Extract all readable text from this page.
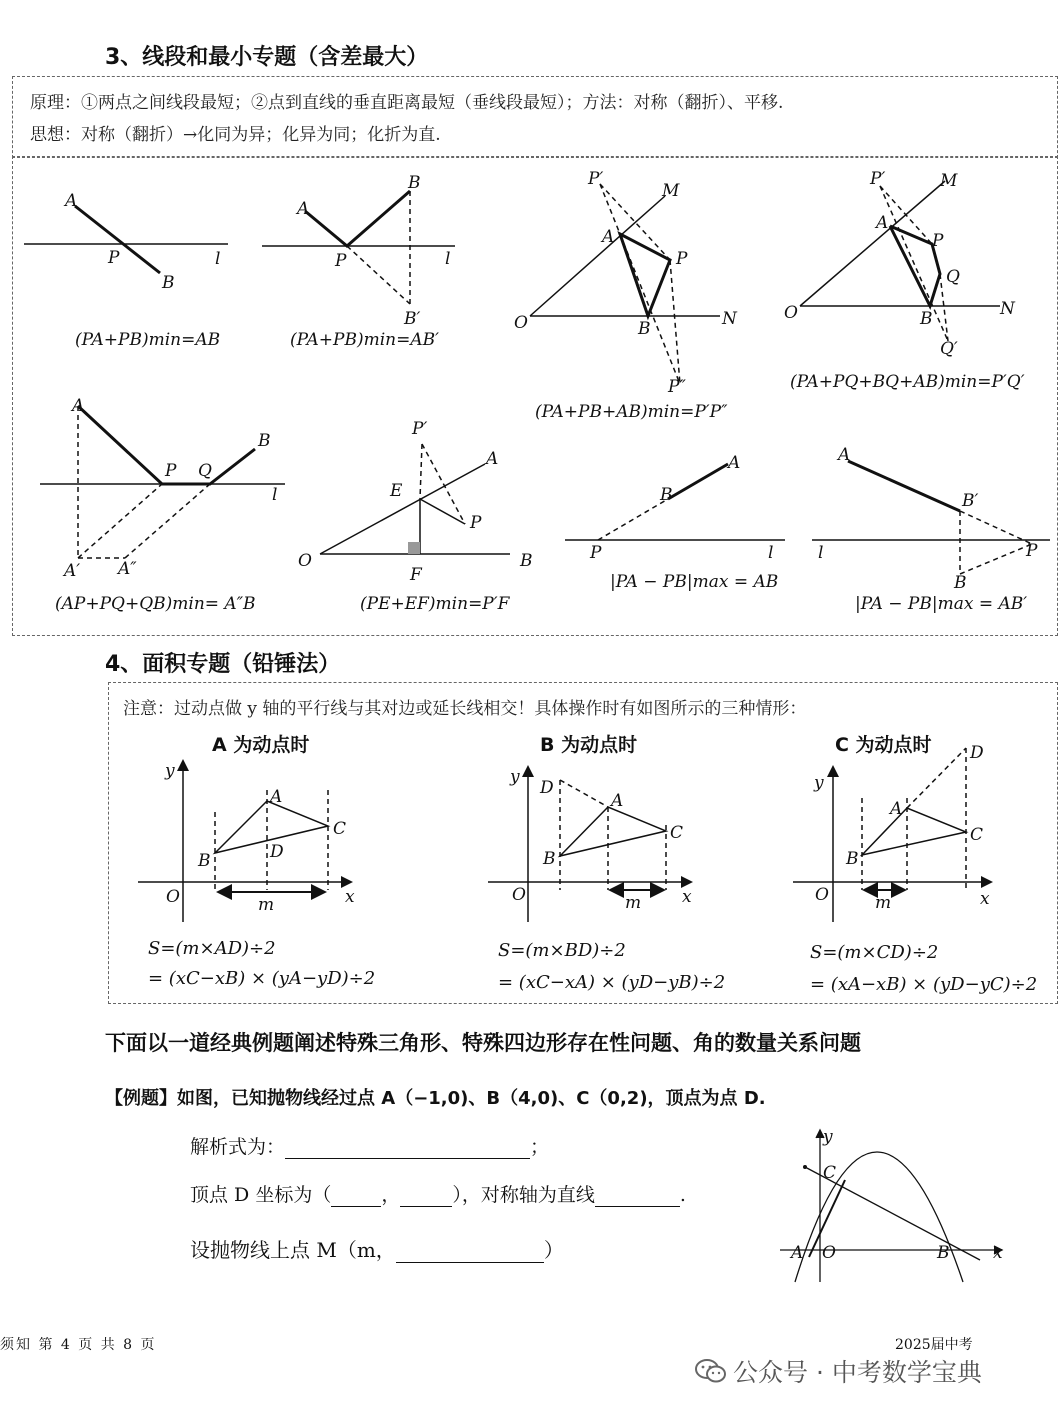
3、线段和最小专题（含差最大）
原理：①两点之间线段最短；②点到直线的垂直距离最短（垂线段最短）；方法：对称（翻折）、平移.
思想：对称（翻折）→化同为异；化异为同；化折为直.
A
P
B
l
A
P
B
B′
l
P′
M
A
P
O	B	N
P″
P′	M
A
P
Q
O	B	N
Q′
A
P Q
B
l
A′ A″
P′
E
A
P
O
F
B
A
B
P	l
A
B′
P
l
B
(PA+PB)min=AB	(PA+PB)min=AB′
(PA+PB+AB)min=P′P″
(PA+PQ+BQ+AB)min=P′Q′
(AP+PQ+QB)min= A″B	(PE+EF)min=P′F
|PA − PB|max = AB
|PA − PB|max = AB′
4、面积专题（铅锤法）
注意：过动点做 y 轴的平行线与其对边或延长线相交！具体操作时有如图所示的三种情形：
A 为动点时	B 为动点时	C 为动点时
y
O	x
A
B
C
D
m
y
O	x
A
B
C
D
m
y
O	x
A
B
C
D
m
S=(m×AD)÷2
= (xC−xB) × (yA−yD)÷2
S=(m×BD)÷2
= (xC−xA) × (yD−yB)÷2
S=(m×CD)÷2
= (xA−xB) × (yD−yC)÷2
下面以一道经典例题阐述特殊三角形、特殊四边形存在性问题、角的数量关系问题
【例题】如图，已知抛物线经过点 A（−1,0)、B（4,0)、C（0,2)，顶点为点 D.
解析式为：	；
顶点 D 坐标为（	，	），对称轴为直线	.
设抛物线上点 M（m，	）
y
C
A O	B	x
须知 第 4 页 共 8 页	2025届中考
公众号 · 中考数学宝典
